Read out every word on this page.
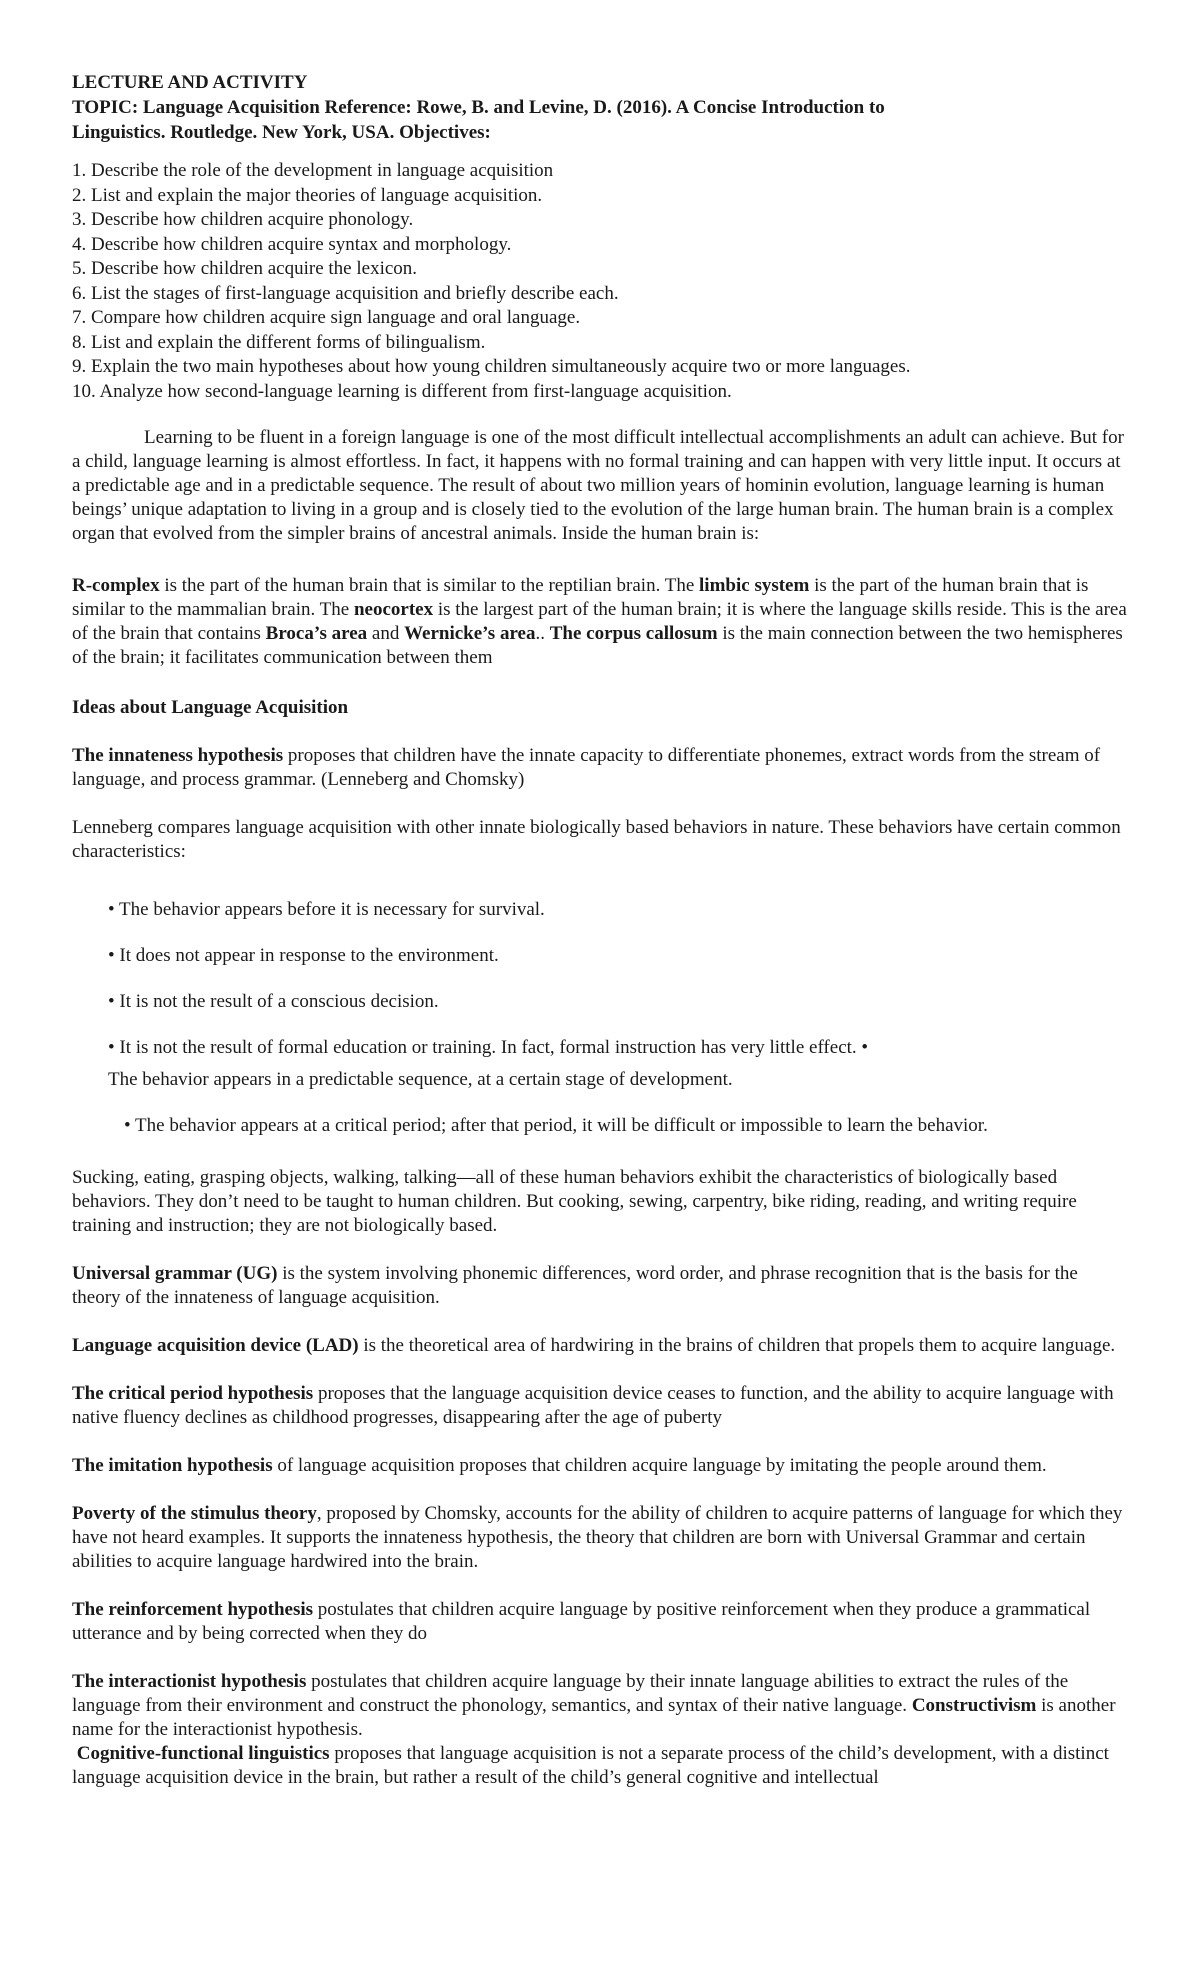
LECTURE AND ACTIVITY
TOPIC: Language Acquisition Reference: Rowe, B. and Levine, D. (2016). A Concise Introduction to
Linguistics. Routledge. New York, USA. Objectives:
1. Describe the role of the development in language acquisition
2. List and explain the major theories of language acquisition.
3. Describe how children acquire phonology.
4. Describe how children acquire syntax and morphology.
5. Describe how children acquire the lexicon.
6. List the stages of first-language acquisition and briefly describe each.
7. Compare how children acquire sign language and oral language.
8. List and explain the different forms of bilingualism.
9. Explain the two main hypotheses about how young children simultaneously acquire two or more languages.
10. Analyze how second-language learning is different from first-language acquisition.

Learning to be fluent in a foreign language is one of the most difficult intellectual accomplishments an adult can achieve. But for a child, language learning is almost effortless. In fact, it happens with no formal training and can happen with very little input. It occurs at a predictable age and in a predictable sequence. The result of about two million years of hominin evolution, language learning is human beings’ unique adaptation to living in a group and is closely tied to the evolution of the large human brain. The human brain is a complex organ that evolved from the simpler brains of ancestral animals. Inside the human brain is:

R-complex is the part of the human brain that is similar to the reptilian brain. The limbic system is the part of the human brain that is similar to the mammalian brain. The neocortex is the largest part of the human brain; it is where the language skills reside. This is the area of the brain that contains Broca’s area and Wernicke’s area.. The corpus callosum is the main connection between the two hemispheres of the brain; it facilitates communication between them

Ideas about Language Acquisition

The innateness hypothesis proposes that children have the innate capacity to differentiate phonemes, extract words from the stream of language, and process grammar. (Lenneberg and Chomsky)

Lenneberg compares language acquisition with other innate biologically based behaviors in nature. These behaviors have certain common characteristics:

• The behavior appears before it is necessary for survival.
• It does not appear in response to the environment.
• It is not the result of a conscious decision.
• It is not the result of formal education or training. In fact, formal instruction has very little effect. •
The behavior appears in a predictable sequence, at a certain stage of development.
• The behavior appears at a critical period; after that period, it will be difficult or impossible to learn the behavior.

Sucking, eating, grasping objects, walking, talking—all of these human behaviors exhibit the characteristics of biologically based behaviors. They don’t need to be taught to human children. But cooking, sewing, carpentry, bike riding, reading, and writing require training and instruction; they are not biologically based.

Universal grammar (UG) is the system involving phonemic differences, word order, and phrase recognition that is the basis for the theory of the innateness of language acquisition.

Language acquisition device (LAD) is the theoretical area of hardwiring in the brains of children that propels them to acquire language.

The critical period hypothesis proposes that the language acquisition device ceases to function, and the ability to acquire language with native fluency declines as childhood progresses, disappearing after the age of puberty

The imitation hypothesis of language acquisition proposes that children acquire language by imitating the people around them.

Poverty of the stimulus theory, proposed by Chomsky, accounts for the ability of children to acquire patterns of language for which they have not heard examples. It supports the innateness hypothesis, the theory that children are born with Universal Grammar and certain abilities to acquire language hardwired into the brain.

The reinforcement hypothesis postulates that children acquire language by positive reinforcement when they produce a grammatical utterance and by being corrected when they do

The interactionist hypothesis postulates that children acquire language by their innate language abilities to extract the rules of the language from their environment and construct the phonology, semantics, and syntax of their native language. Constructivism is another name for the interactionist hypothesis.

Cognitive-functional linguistics proposes that language acquisition is not a separate process of the child’s development, with a distinct language acquisition device in the brain, but rather a result of the child’s general cognitive and intellectual
